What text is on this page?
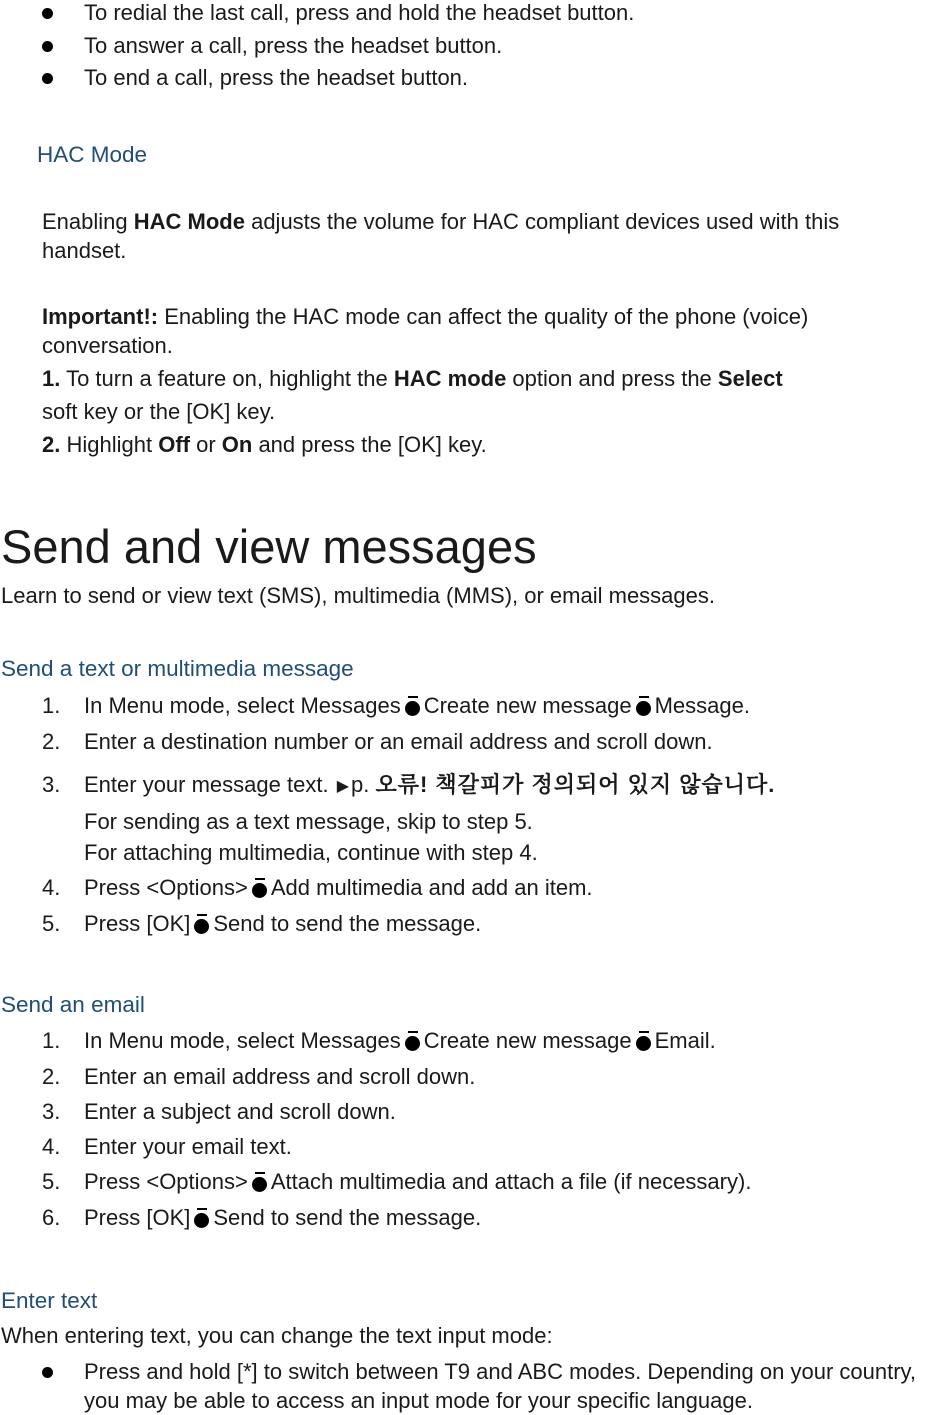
To redial the last call, press and hold the headset button.
To answer a call, press the headset button.
To end a call, press the headset button.
HAC Mode
Enabling HAC Mode adjusts the volume for HAC compliant devices used with this handset.
Important!: Enabling the HAC mode can affect the quality of the phone (voice) conversation.
1. To turn a feature on, highlight the HAC mode option and press the Select
soft key or the [OK] key.
2. Highlight Off or On and press the [OK] key.
Send and view messages
Learn to send or view text (SMS), multimedia (MMS), or email messages.
Send a text or multimedia message
1. In Menu mode, select Messages Create new message Message.
2. Enter a destination number or an email address and scroll down.
3. Enter your message text. ▶p. 오류! 책갈피가 정의되어 있지 않습니다.
For sending as a text message, skip to step 5.
For attaching multimedia, continue with step 4.
4. Press <Options> Add multimedia and add an item.
5. Press [OK] Send to send the message.
Send an email
1. In Menu mode, select Messages Create new message Email.
2. Enter an email address and scroll down.
3. Enter a subject and scroll down.
4. Enter your email text.
5. Press <Options> Attach multimedia and attach a file (if necessary).
6. Press [OK] Send to send the message.
Enter text
When entering text, you can change the text input mode:
Press and hold [*] to switch between T9 and ABC modes. Depending on your country, you may be able to access an input mode for your specific language.
